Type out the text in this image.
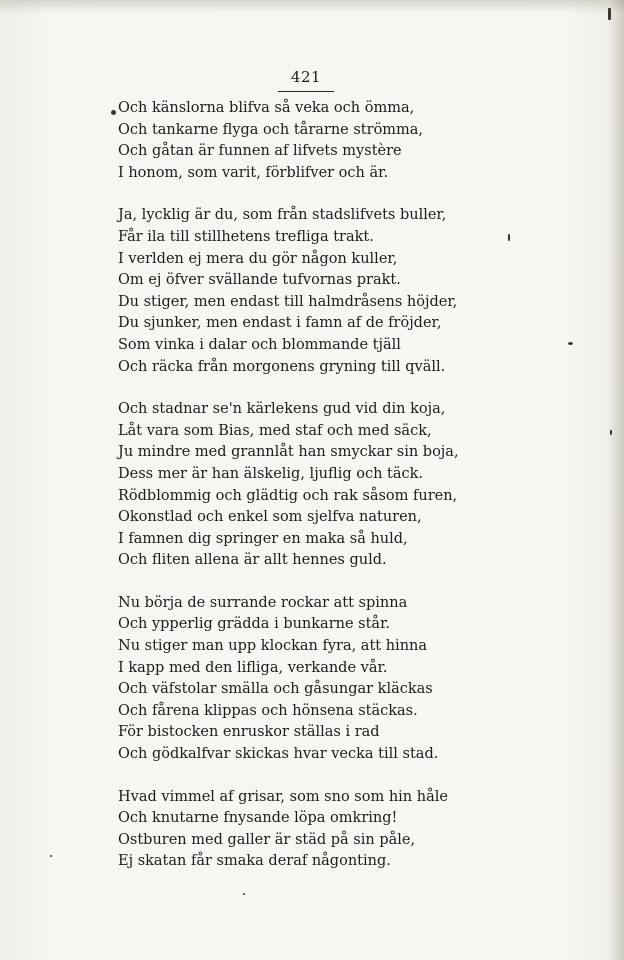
421
Och känslorna blifva så veka och ömma,
Och tankarne flyga och tårarne strömma,
Och gåtan är funnen af lifvets mystère
I honom, som varit, förblifver och är.
Ja, lycklig är du, som från stadslifvets buller,
Får ila till stillhetens trefliga trakt.
I verlden ej mera du gör någon kuller,
Om ej öfver svällande tufvornas prakt.
Du stiger, men endast till halmdråsens höjder,
Du sjunker, men endast i famn af de fröjder,
Som vinka i dalar och blommande tjäll
Och räcka från morgonens gryning till qväll.
Och stadnar se'n kärlekens gud vid din koja,
Låt vara som Bias, med staf och med säck,
Ju mindre med grannlåt han smyckar sin boja,
Dess mer är han älskelig, ljuflig och täck.
Rödblommig och glädtig och rak såsom furen,
Okonstlad och enkel som sjelfva naturen,
I famnen dig springer en maka så huld,
Och fliten allena är allt hennes guld.
Nu börja de surrande rockar att spinna
Och ypperlig grädda i bunkarne står.
Nu stiger man upp klockan fyra, att hinna
I kapp med den lifliga, verkande vår.
Och väfstolar smälla och gåsungar kläckas
Och fårena klippas och hönsena stäckas.
För bistocken enruskor ställas i rad
Och gödkalfvar skickas hvar vecka till stad.
Hvad vimmel af grisar, som sno som hin håle
Och knutarne fnysande löpa omkring!
Ostburen med galler är städ på sin påle,
Ej skatan får smaka deraf någonting.
